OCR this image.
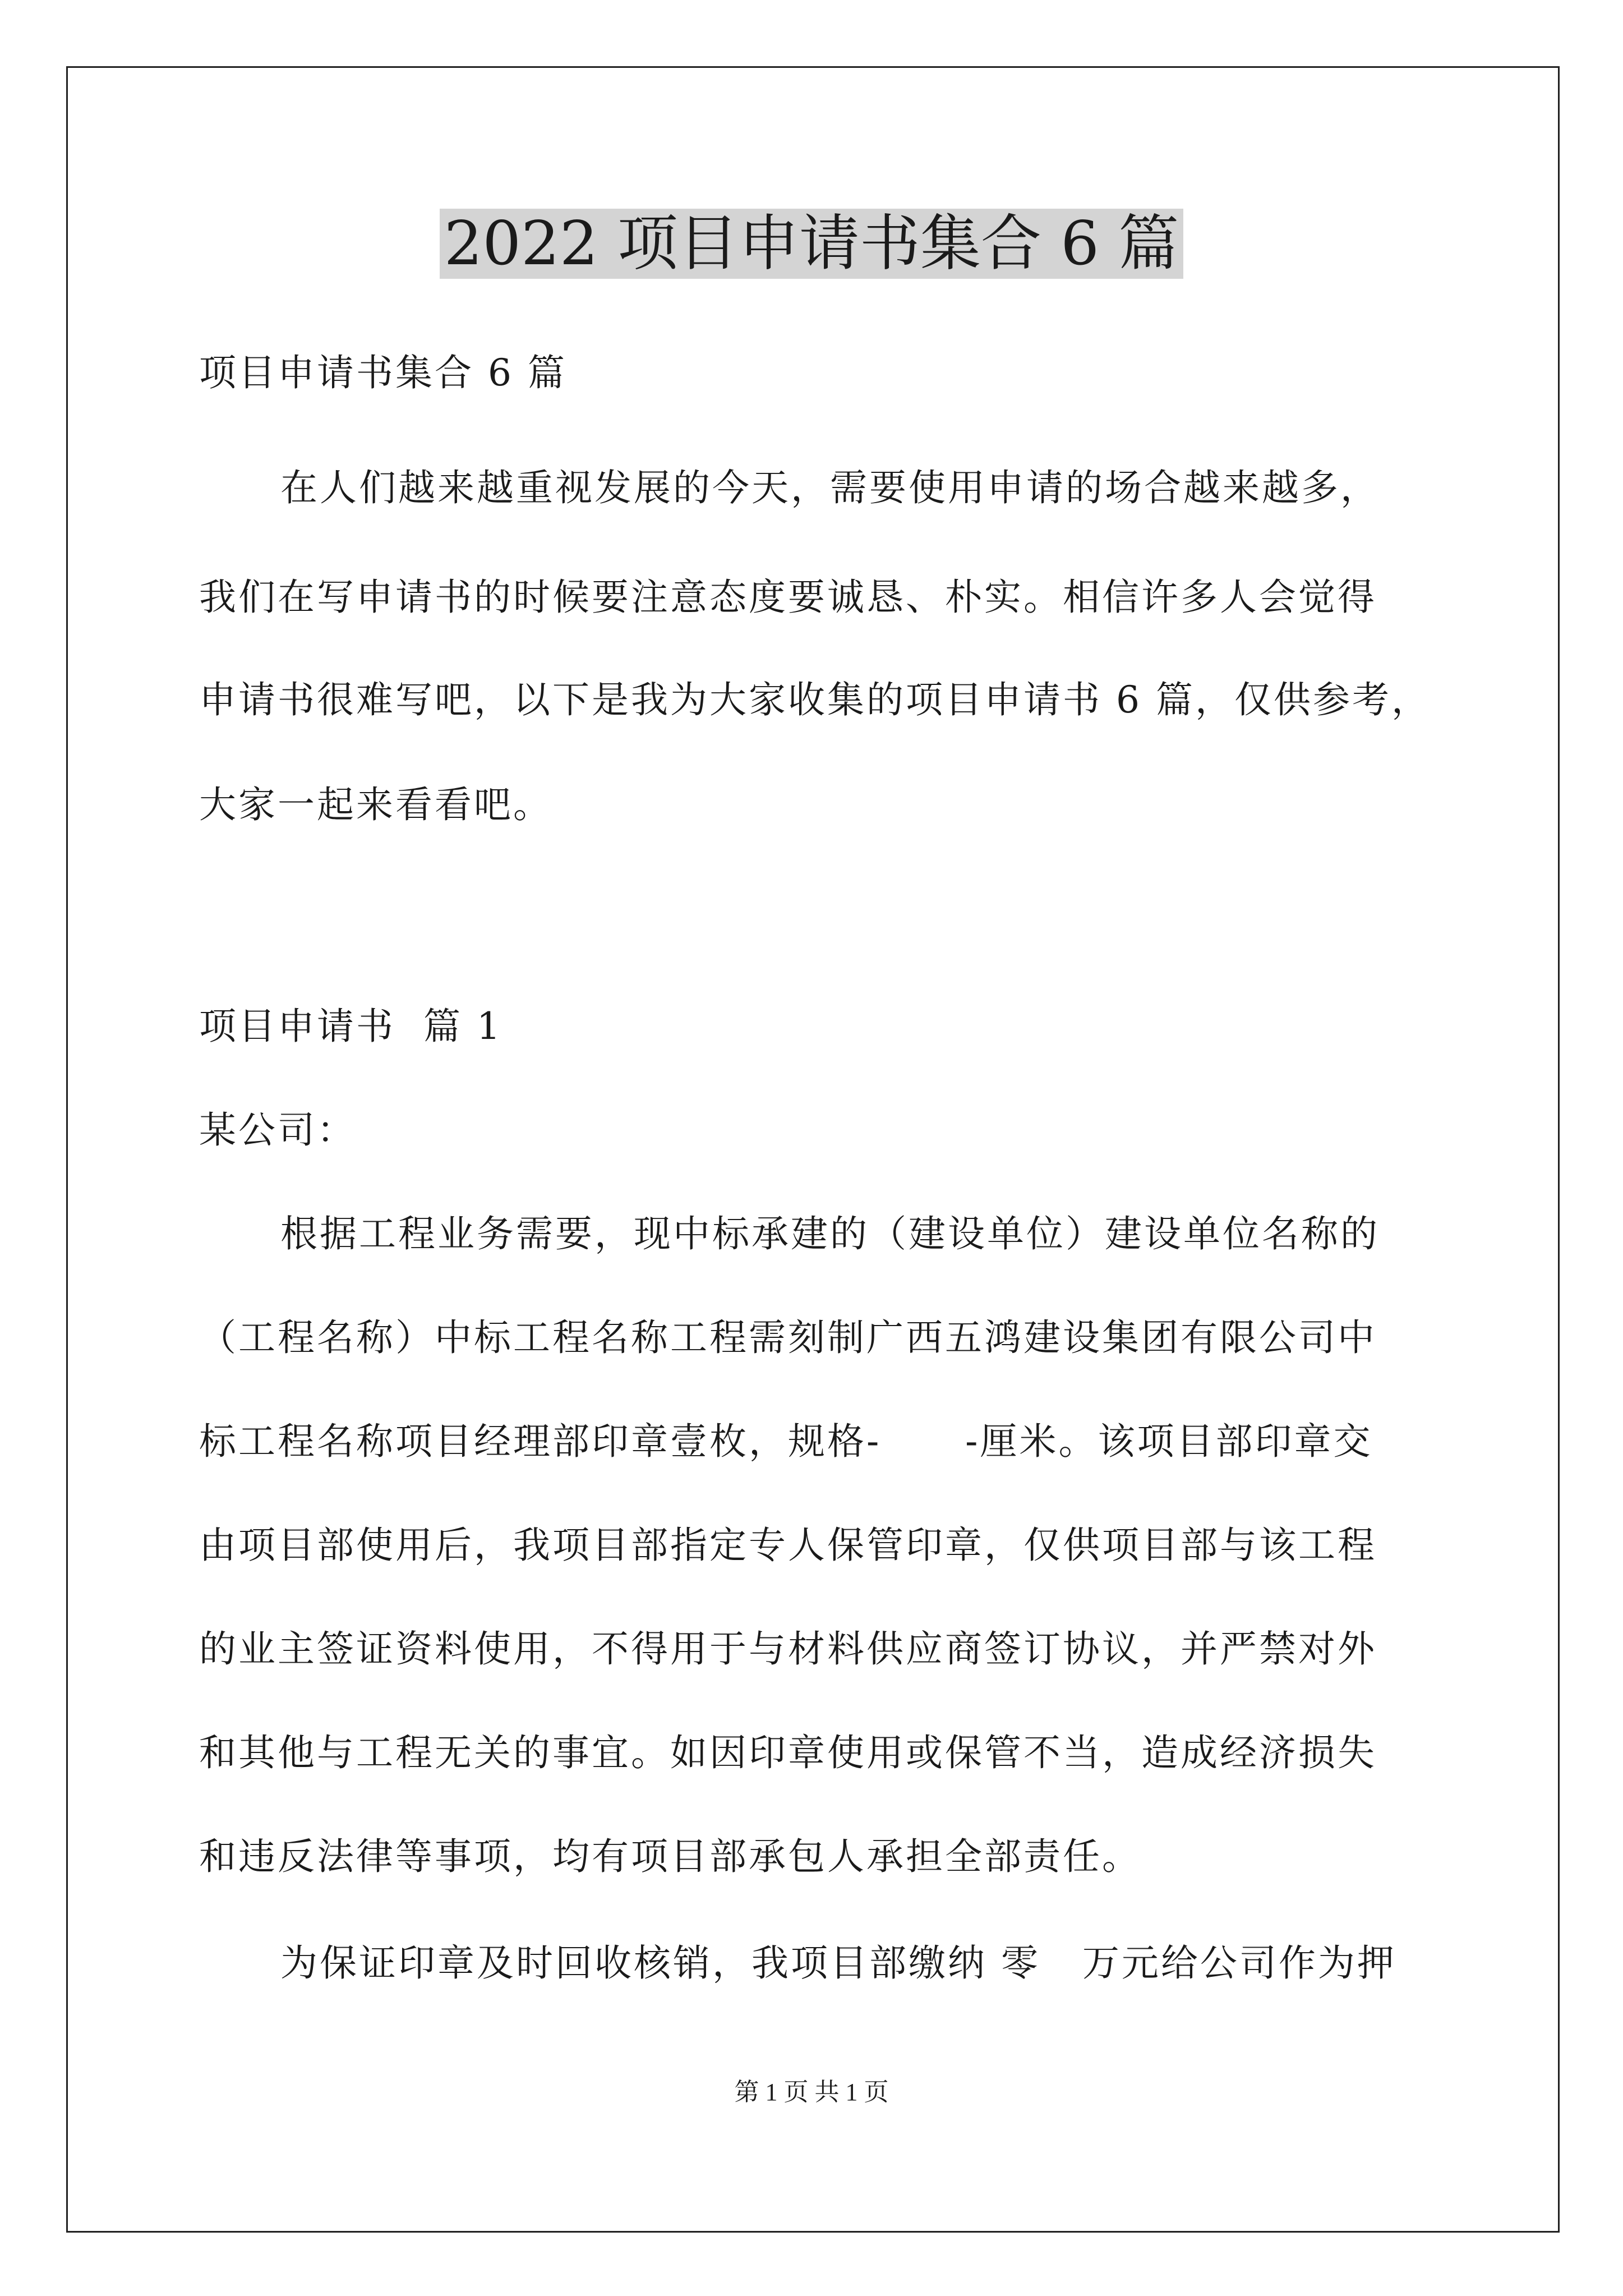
2022 项目申请书集合 6 篇
项目申请书集合 6 篇
在人们越来越重视发展的今天，需要使用申请的场合越来越多，
我们在写申请书的时候要注意态度要诚恳、朴实。相信许多人会觉得
申请书很难写吧，以下是我为大家收集的项目申请书 6 篇，仅供参考，
大家一起来看看吧。
项目申请书  篇 1
某公司：
根据工程业务需要，现中标承建的（建设单位）建设单位名称的
（工程名称）中标工程名称工程需刻制广西五鸿建设集团有限公司中
标工程名称项目经理部印章壹枚，规格-      -厘米。该项目部印章交
由项目部使用后，我项目部指定专人保管印章，仅供项目部与该工程
的业主签证资料使用，不得用于与材料供应商签订协议，并严禁对外
和其他与工程无关的事宜。如因印章使用或保管不当，造成经济损失
和违反法律等事项，均有项目部承包人承担全部责任。
为保证印章及时回收核销，我项目部缴纳 零   万元给公司作为押
第 1 页 共 1 页
